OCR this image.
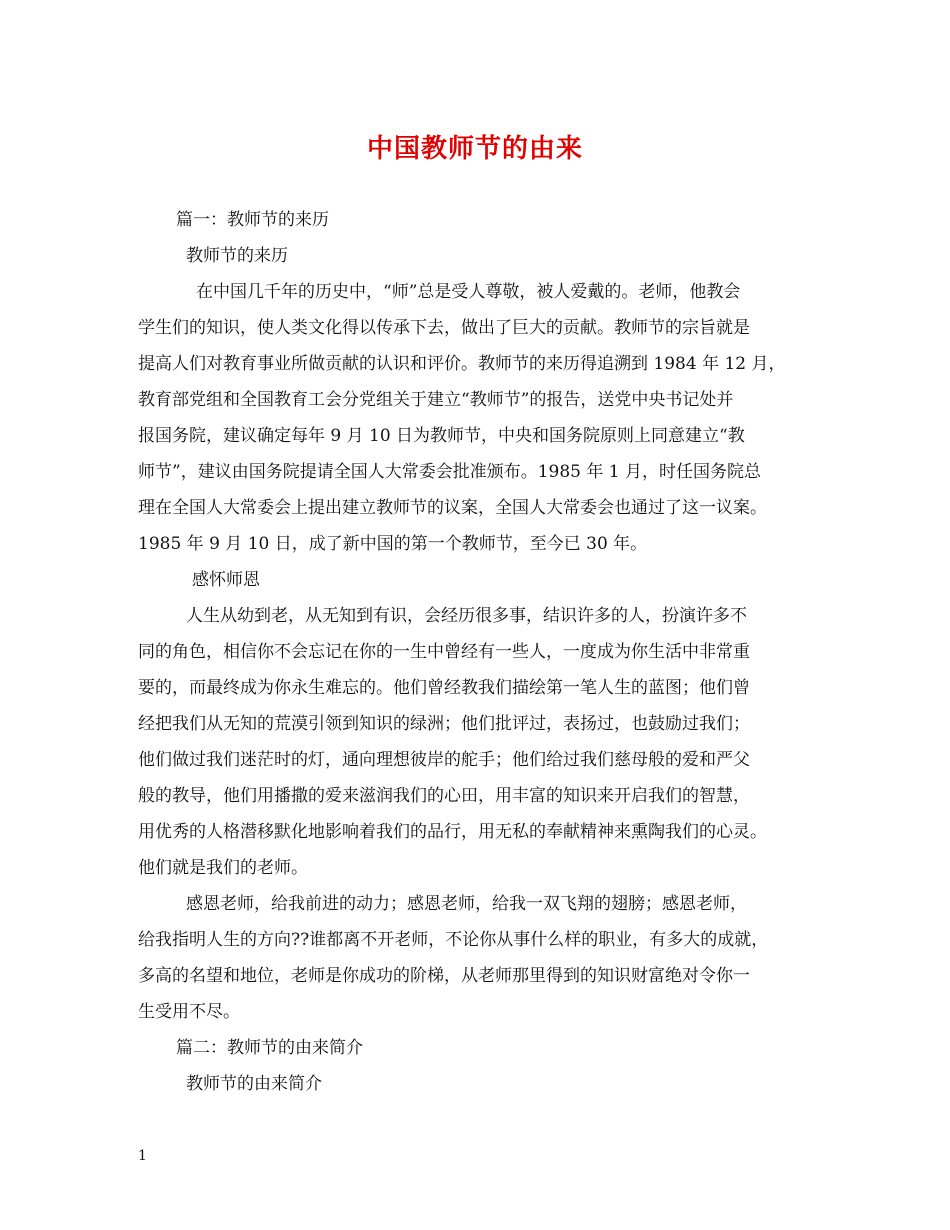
中国教师节的由来
篇一：教师节的来历
教师节的来历
在中国几千年的历史中，“师”总是受人尊敬，被人爱戴的。老师，他教会
学生们的知识，使人类文化得以传承下去，做出了巨大的贡献。教师节的宗旨就是
提高人们对教育事业所做贡献的认识和评价。教师节的来历得追溯到 1984 年 12 月，
教育部党组和全国教育工会分党组关于建立“教师节”的报告，送党中央书记处并
报国务院，建议确定每年 9 月 10 日为教师节，中央和国务院原则上同意建立“教
师节”，建议由国务院提请全国人大常委会批准颁布。1985 年 1 月，时任国务院总
理在全国人大常委会上提出建立教师节的议案，全国人大常委会也通过了这一议案。
1985 年 9 月 10 日，成了新中国的第一个教师节，至今已 30 年。
感怀师恩
人生从幼到老，从无知到有识，会经历很多事，结识许多的人，扮演许多不
同的角色，相信你不会忘记在你的一生中曾经有一些人，一度成为你生活中非常重
要的，而最终成为你永生难忘的。他们曾经教我们描绘第一笔人生的蓝图；他们曾
经把我们从无知的荒漠引领到知识的绿洲；他们批评过，表扬过，也鼓励过我们；
他们做过我们迷茫时的灯，通向理想彼岸的舵手；他们给过我们慈母般的爱和严父
般的教导，他们用播撒的爱来滋润我们的心田，用丰富的知识来开启我们的智慧，
用优秀的人格潜移默化地影响着我们的品行，用无私的奉献精神来熏陶我们的心灵。
他们就是我们的老师。
感恩老师，给我前进的动力；感恩老师，给我一双飞翔的翅膀；感恩老师，
给我指明人生的方向??谁都离不开老师，不论你从事什么样的职业，有多大的成就，
多高的名望和地位，老师是你成功的阶梯，从老师那里得到的知识财富绝对令你一
生受用不尽。
篇二：教师节的由来简介
教师节的由来简介
1
